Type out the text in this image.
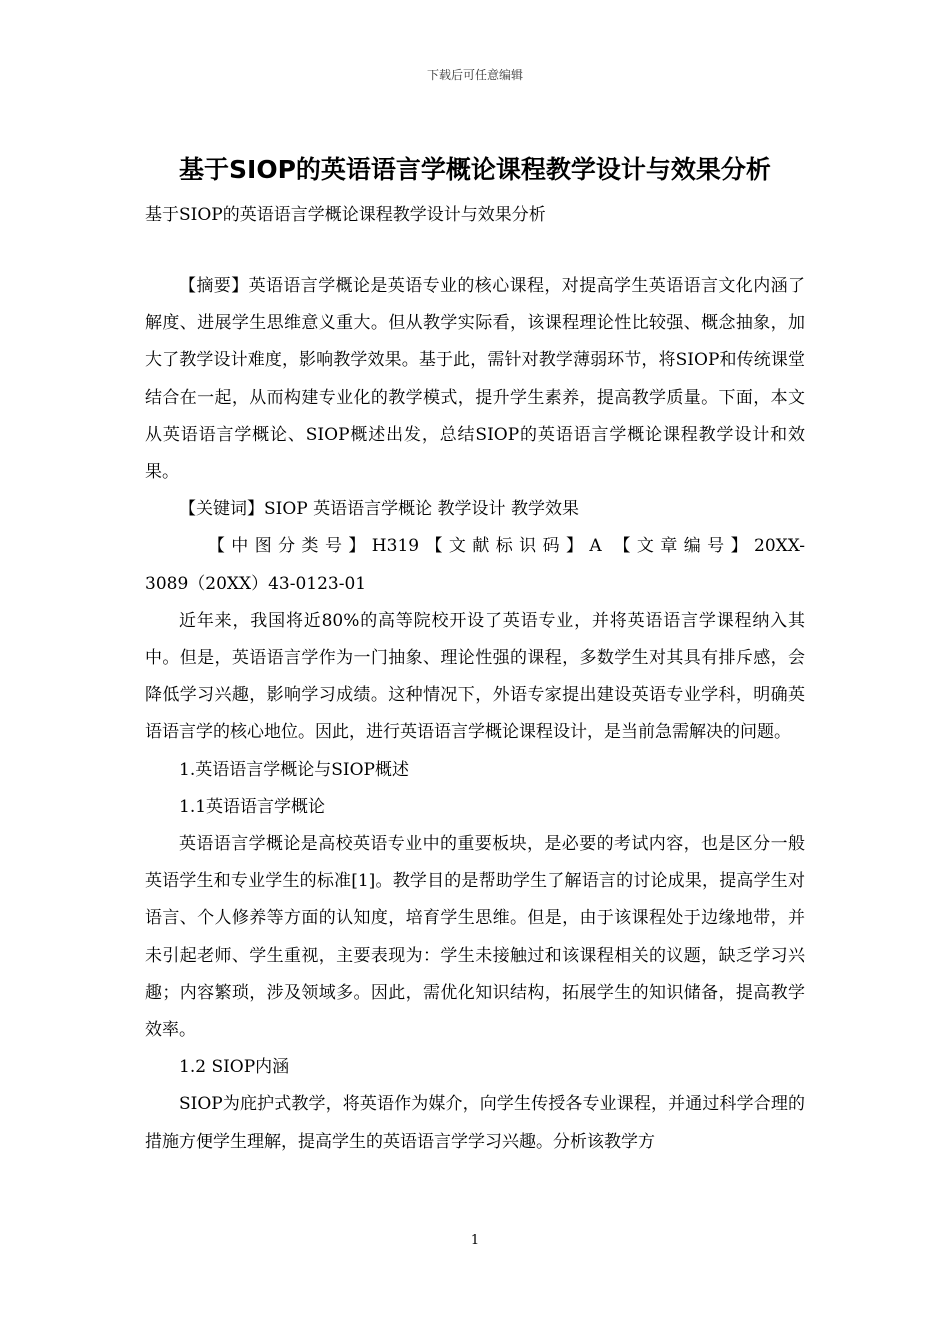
下载后可任意编辑
基于SIOP的英语语言学概论课程教学设计与效果分析
基于SIOP的英语语言学概论课程教学设计与效果分析

【摘要】英语语言学概论是英语专业的核心课程，对提高学生英语语言文化内涵了解度、进展学生思维意义重大。但从教学实际看，该课程理论性比较强、概念抽象，加大了教学设计难度，影响教学效果。基于此，需针对教学薄弱环节，将SIOP和传统课堂结合在一起，从而构建专业化的教学模式，提升学生素养，提高教学质量。下面，本文从英语语言学概论、SIOP概述出发，总结SIOP的英语语言学概论课程教学设计和效果。

【关键词】SIOP 英语语言学概论 教学设计 教学效果

【中图分类号】H319【文献标识码】A 【文章编号】20XX-

3089（20XX）43-0123-01

近年来，我国将近80%的高等院校开设了英语专业，并将英语语言学课程纳入其中。但是，英语语言学作为一门抽象、理论性强的课程，多数学生对其具有排斥感，会降低学习兴趣，影响学习成绩。这种情况下，外语专家提出建设英语专业学科，明确英语语言学的核心地位。因此，进行英语语言学概论课程设计，是当前急需解决的问题。

1.英语语言学概论与SIOP概述

1.1英语语言学概论

英语语言学概论是高校英语专业中的重要板块，是必要的考试内容，也是区分一般英语学生和专业学生的标准[1]。教学目的是帮助学生了解语言的讨论成果，提高学生对语言、个人修养等方面的认知度，培育学生思维。但是，由于该课程处于边缘地带，并未引起老师、学生重视，主要表现为：学生未接触过和该课程相关的议题，缺乏学习兴趣；内容繁琐，涉及领域多。因此，需优化知识结构，拓展学生的知识储备，提高教学效率。

1.2 SIOP内涵

SIOP为庇护式教学，将英语作为媒介，向学生传授各专业课程，并通过科学合理的措施方便学生理解，提高学生的英语语言学学习兴趣。分析该教学方

1
